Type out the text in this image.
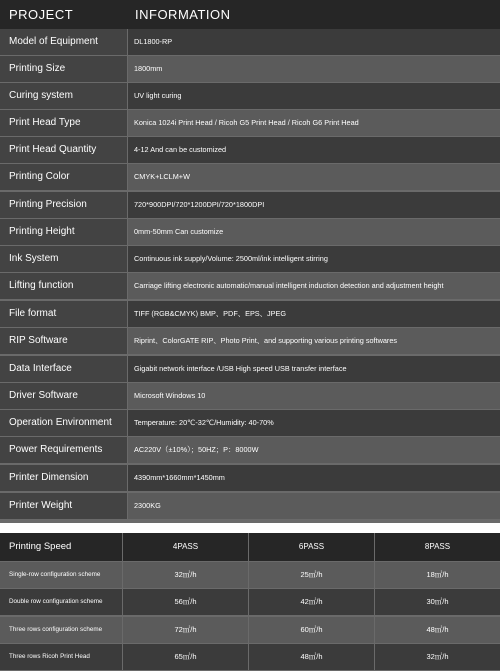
PROJECT	INFORMATION
Model of Equipment	DL1800-RP
Printing Size	1800mm
Curing system	UV light curing
Print Head Type	Konica 1024i Print Head / Ricoh G5 Print Head / Ricoh G6 Print Head
Print Head Quantity	4-12 And can be customized
Printing Color	CMYK+LCLM+W
Printing Precision	720*900DPI/720*1200DPI/720*1800DPI
Printing Height	0mm-50mm Can customize
Ink System	Continuous ink supply/Volume: 2500ml/ink intelligent stirring
Lifting function	Carriage lifting electronic automatic/manual intelligent induction detection and adjustment height
File format	TIFF (RGB&CMYK) BMP、PDF、EPS、JPEG
RIP Software	Riprint、ColorGATE RIP、Photo Print、and supporting various printing softwares
Data Interface	Gigabit network interface /USB High speed USB transfer interface
Driver Software	Microsoft Windows 10
Operation Environment	Temperature: 20℃-32℃/Humidity: 40-70%
Power Requirements	AC220V（±10%）；50HZ；P：8000W
Printer Dimension	4390mm*1660mm*1450mm
Printer Weight	2300KG
Printing Speed	4PASS	6PASS	8PASS
Single-row configuration scheme	32㎡/h	25㎡/h	18㎡/h
Double row configuration scheme	56㎡/h	42㎡/h	30㎡/h
Three rows configuration scheme	72㎡/h	60㎡/h	48㎡/h
Three rows Ricoh Print Head	65㎡/h	48㎡/h	32㎡/h
